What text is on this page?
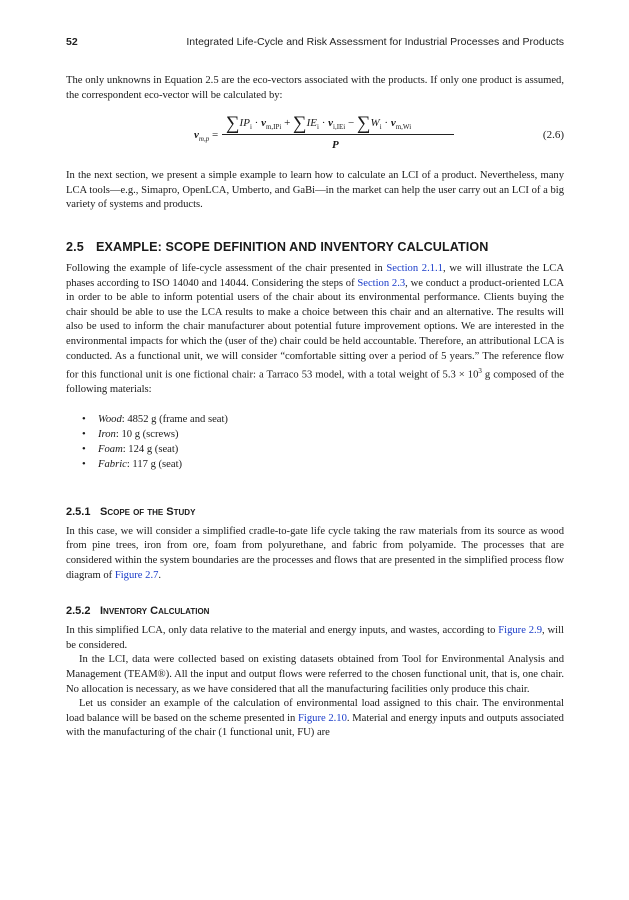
52	Integrated Life-Cycle and Risk Assessment for Industrial Processes and Products

The only unknowns in Equation 2.5 are the eco-vectors associated with the products. If only one product is assumed, the correspondent eco-vector will be calculated by:

$v_{m,p}$ =
$\sum IP_i \cdot v_{m,IPi} + \sum IE_i \cdot v_{i,IEi} - \sum W_i \cdot v_{m,Wi}$
P
(2.6)

In the next section, we present a simple example to learn how to calculate an LCI of a product. Nevertheless, many LCA tools—e.g., Simapro, OpenLCA, Umberto, and GaBi—in the market can help the user carry out an LCI of a big variety of systems and products.

2.5 EXAMPLE: SCOPE DEFINITION AND INVENTORY CALCULATION

Following the example of life-cycle assessment of the chair presented in Section 2.1.1, we will illustrate the LCA phases according to ISO 14040 and 14044. Considering the steps of Section 2.3, we conduct a product-oriented LCA in order to be able to inform potential users of the chair about its environmental performance. Clients buying the chair should be able to use the LCA results to make a choice between this chair and an alternative. The results will also be used to inform the chair manufacturer about potential future improvement options. We are interested in the environmental impacts for which the (user of the) chair could be held accountable. Therefore, an attributional LCA is conducted. As a functional unit, we will consider “comfortable sitting over a period of 5 years.” The reference flow for this functional unit is one fictional chair: a Tarraco 53 model, with a total weight of $5.3 \times 10^3$ g composed of the following materials:

• Wood: 4852 g (frame and seat)
• Iron: 10 g (screws)
• Foam: 124 g (seat)
• Fabric: 117 g (seat)
2.5.1 Scope of the Study

In this case, we will consider a simplified cradle-to-gate life cycle taking the raw materials from its source as wood from pine trees, iron from ore, foam from polyurethane, and fabric from polyamide. The processes that are considered within the system boundaries are the processes and flows that are presented in the simplified process flow diagram of Figure 2.7.

2.5.2 Inventory Calculation

In this simplified LCA, only data relative to the material and energy inputs, and wastes, according to Figure 2.9, will be considered.

In the LCI, data were collected based on existing datasets obtained from Tool for Environmental Analysis and Management (TEAM®). All the input and output flows were referred to the chosen functional unit, that is, one chair. No allocation is necessary, as we have considered that all the manufacturing facilities only produce this chair.

Let us consider an example of the calculation of environmental load assigned to this chair. The environmental load balance will be based on the scheme presented in Figure 2.10. Material and energy inputs and outputs associated with the manufacturing of the chair (1 functional unit, FU) are
